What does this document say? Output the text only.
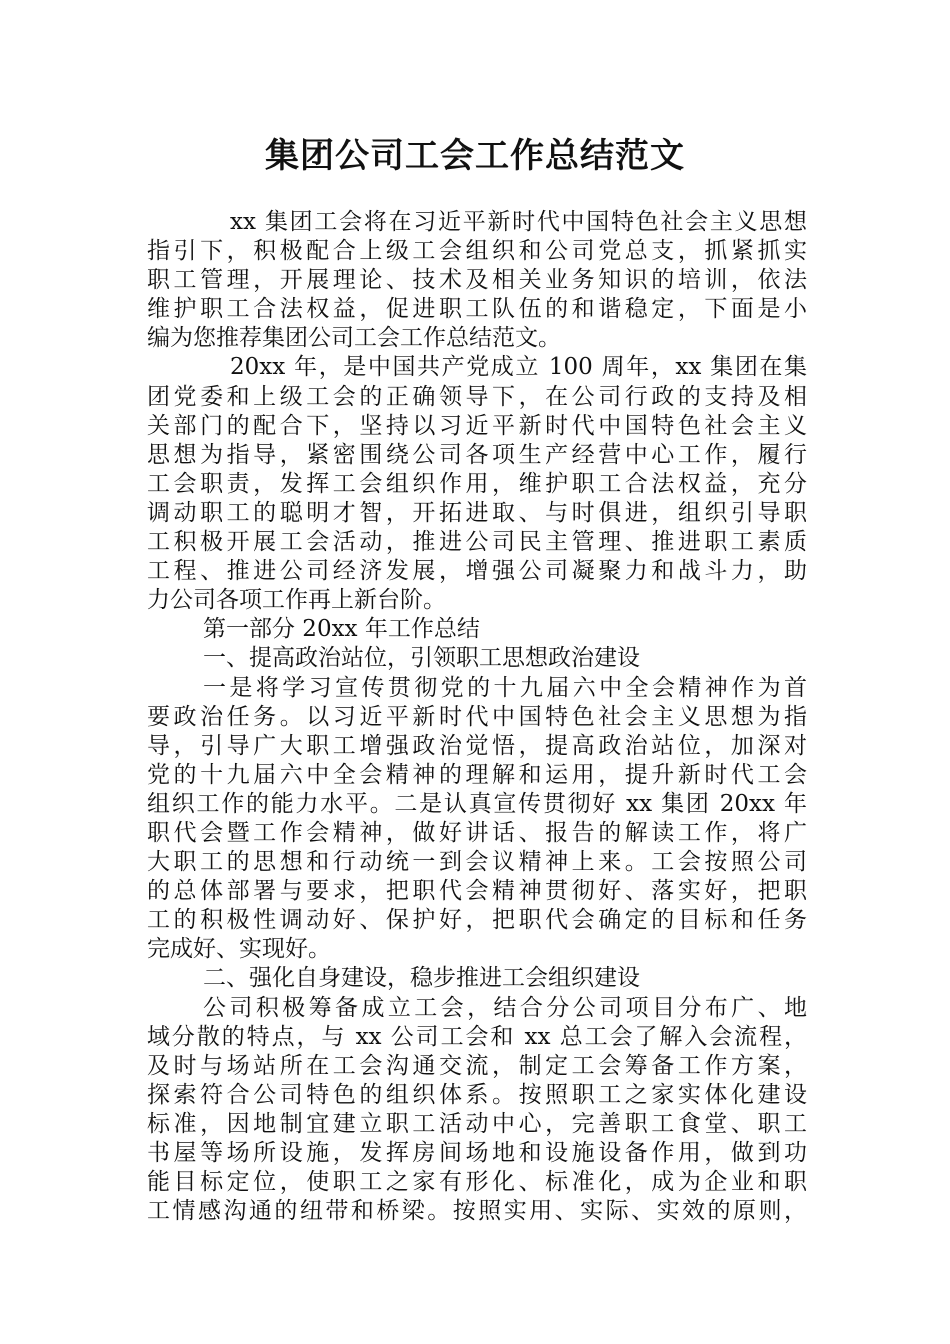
集团公司工会工作总结范文
xx 集团工会将在习近平新时代中国特色社会主义思想
指引下，积极配合上级工会组织和公司党总支，抓紧抓实
职工管理，开展理论、技术及相关业务知识的培训，依法
维护职工合法权益，促进职工队伍的和谐稳定，下面是小
编为您推荐集团公司工会工作总结范文。
20xx 年，是中国共产党成立 100 周年，xx 集团在集
团党委和上级工会的正确领导下，在公司行政的支持及相
关部门的配合下，坚持以习近平新时代中国特色社会主义
思想为指导，紧密围绕公司各项生产经营中心工作，履行
工会职责，发挥工会组织作用，维护职工合法权益，充分
调动职工的聪明才智，开拓进取、与时俱进，组织引导职
工积极开展工会活动，推进公司民主管理、推进职工素质
工程、推进公司经济发展，增强公司凝聚力和战斗力，助
力公司各项工作再上新台阶。
第一部分 20xx 年工作总结
一、提高政治站位，引领职工思想政治建设
一是将学习宣传贯彻党的十九届六中全会精神作为首
要政治任务。以习近平新时代中国特色社会主义思想为指
导，引导广大职工增强政治觉悟，提高政治站位，加深对
党的十九届六中全会精神的理解和运用，提升新时代工会
组织工作的能力水平。二是认真宣传贯彻好 xx 集团 20xx 年
职代会暨工作会精神，做好讲话、报告的解读工作，将广
大职工的思想和行动统一到会议精神上来。工会按照公司
的总体部署与要求，把职代会精神贯彻好、落实好，把职
工的积极性调动好、保护好，把职代会确定的目标和任务
完成好、实现好。
二、强化自身建设，稳步推进工会组织建设
公司积极筹备成立工会，结合分公司项目分布广、地
域分散的特点，与 xx 公司工会和 xx 总工会了解入会流程，
及时与场站所在工会沟通交流，制定工会筹备工作方案，
探索符合公司特色的组织体系。按照职工之家实体化建设
标准，因地制宜建立职工活动中心，完善职工食堂、职工
书屋等场所设施，发挥房间场地和设施设备作用，做到功
能目标定位，使职工之家有形化、标准化，成为企业和职
工情感沟通的纽带和桥梁。按照实用、实际、实效的原则，
